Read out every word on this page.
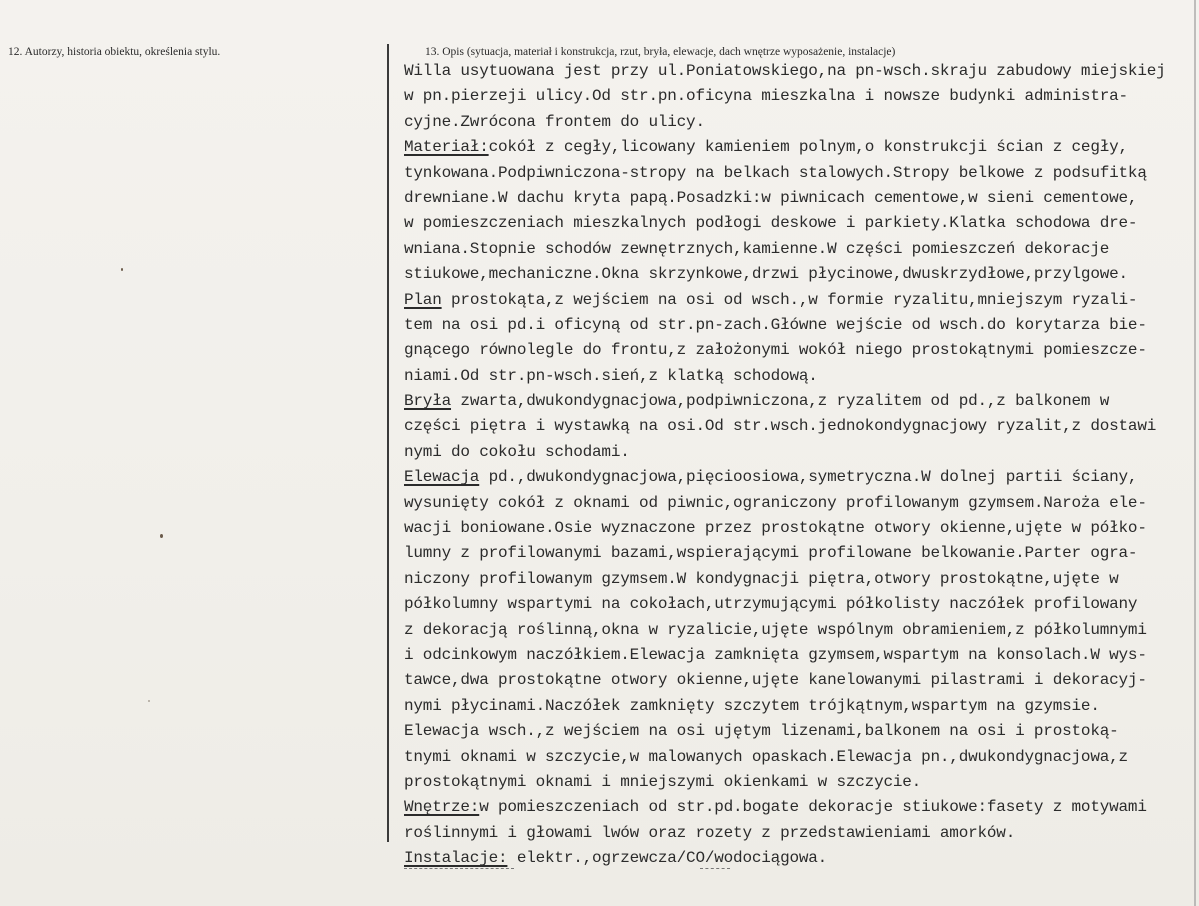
12. Autorzy, historia obiektu, określenia stylu.	13. Opis (sytuacja, materiał i konstrukcja, rzut, bryła, elewacje, dach wnętrze wyposażenie, instalacje)
Willa usytuowana jest przy ul.Poniatowskiego,na pn-wsch.skraju zabudowy miejskiej
w pn.pierzeji ulicy.Od str.pn.oficyna mieszkalna i nowsze budynki administra-
cyjne.Zwrócona frontem do ulicy.
Materiał:cokół z cegły,licowany kamieniem polnym,o konstrukcji ścian z cegły,
tynkowana.Podpiwniczona-stropy na belkach stalowych.Stropy belkowe z podsufitką
drewniane.W dachu kryta papą.Posadzki:w piwnicach cementowe,w sieni cementowe,
w pomieszczeniach mieszkalnych podłogi deskowe i parkiety.Klatka schodowa dre-
wniana.Stopnie schodów zewnętrznych,kamienne.W części pomieszczeń dekoracje
stiukowe,mechaniczne.Okna skrzynkowe,drzwi płycinowe,dwuskrzydłowe,przylgowe.
Plan prostokąta,z wejściem na osi od wsch.,w formie ryzalitu,mniejszym ryzali-
tem na osi pd.i oficyną od str.pn-zach.Główne wejście od wsch.do korytarza bie-
gnącego równolegle do frontu,z założonymi wokół niego prostokątnymi pomieszcze-
niami.Od str.pn-wsch.sień,z klatką schodową.
Bryła zwarta,dwukondygnacjowa,podpiwniczona,z ryzalitem od pd.,z balkonem w
części piętra i wystawką na osi.Od str.wsch.jednokondygnacjowy ryzalit,z dostawi
nymi do cokołu schodami.
Elewacja pd.,dwukondygnacjowa,pięcioosiowa,symetryczna.W dolnej partii ściany,
wysunięty cokół z oknami od piwnic,ograniczony profilowanym gzymsem.Naroża ele-
wacji boniowane.Osie wyznaczone przez prostokątne otwory okienne,ujęte w półko-
lumny z profilowanymi bazami,wspierającymi profilowane belkowanie.Parter ogra-
niczony profilowanym gzymsem.W kondygnacji piętra,otwory prostokątne,ujęte w
półkolumny wspartymi na cokołach,utrzymującymi półkolisty naczółek profilowany
z dekoracją roślinną,okna w ryzalicie,ujęte wspólnym obramieniem,z półkolumnymi
i odcinkowym naczółkiem.Elewacja zamknięta gzymsem,wspartym na konsolach.W wys-
tawce,dwa prostokątne otwory okienne,ujęte kanelowanymi pilastrami i dekoracyj-
nymi płycinami.Naczółek zamknięty szczytem trójkątnym,wspartym na gzymsie.
Elewacja wsch.,z wejściem na osi ujętym lizenami,balkonem na osi i prostoką-
tnymi oknami w szczycie,w malowanych opaskach.Elewacja pn.,dwukondygnacjowa,z
prostokątnymi oknami i mniejszymi okienkami w szczycie.
Wnętrze:w pomieszczeniach od str.pd.bogate dekoracje stiukowe:fasety z motywami
roślinnymi i głowami lwów oraz rozety z przedstawieniami amorków.
Instalacje: elektr.,ogrzewcza/CO/wodociągowa.
